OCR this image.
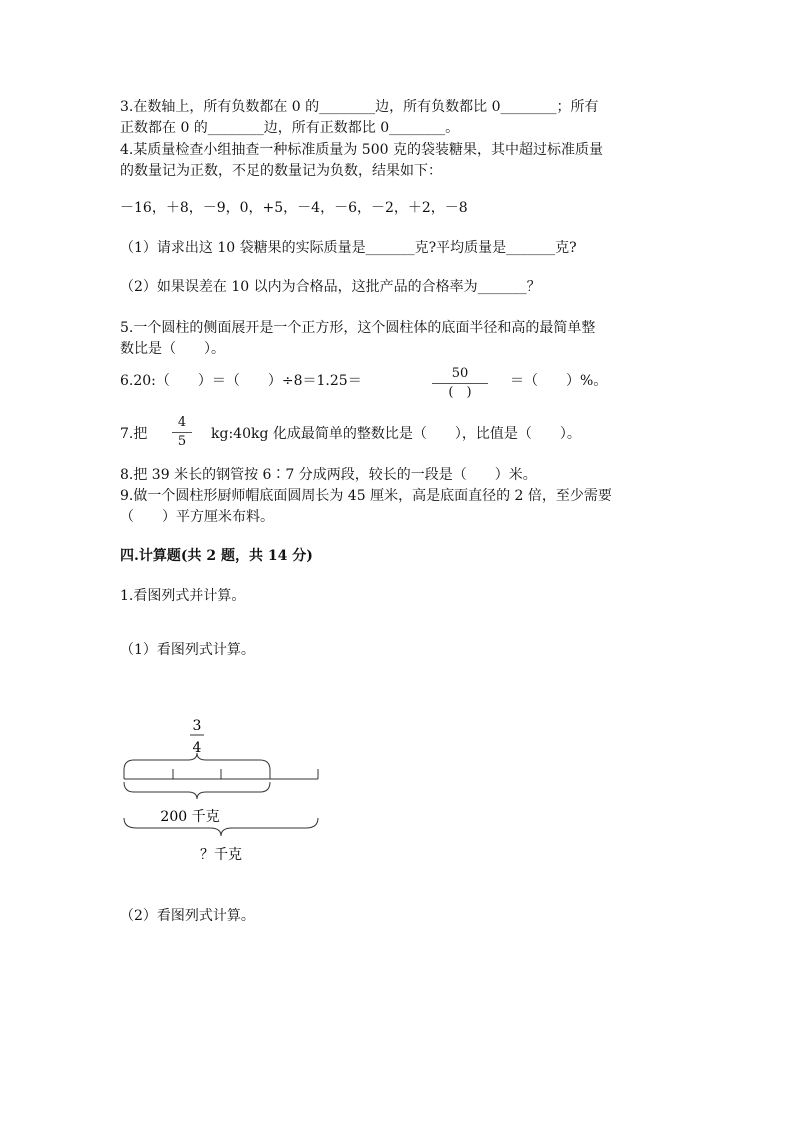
3.在数轴上，所有负数都在 0 的________边，所有负数都比 0________；所有
正数都在 0 的________边，所有正数都比 0________。
4.某质量检查小组抽查一种标准质量为 500 克的袋装糖果，其中超过标准质量
的数量记为正数，不足的数量记为负数，结果如下：
－16，＋8，－9，0，+5，－4，－6，－2，＋2，－8
（1）请求出这 10 袋糖果的实际质量是_______克?平均质量是_______克?
（2）如果误差在 10 以内为合格品，这批产品的合格率为_______？
5.一个圆柱的侧面展开是一个正方形，这个圆柱体的底面半径和高的最简单整
数比是（　　）。
6.20:（　　）＝（　　）÷8＝1.25＝	50
(　)
＝（　　）%。
7.把
4
5	kg:40kg 化成最简单的整数比是（　　），比值是（　　）。
8.把 39 米长的钢管按 6∶7 分成两段，较长的一段是（　　）米。
9.做一个圆柱形厨师帽底面圆周长为 45 厘米，高是底面直径的 2 倍，至少需要
（　　）平方厘米布料。
四.计算题(共 2 题，共 14 分)
1.看图列式并计算。
（1）看图列式计算。
3
4
200 千克
？千克
（2）看图列式计算。
